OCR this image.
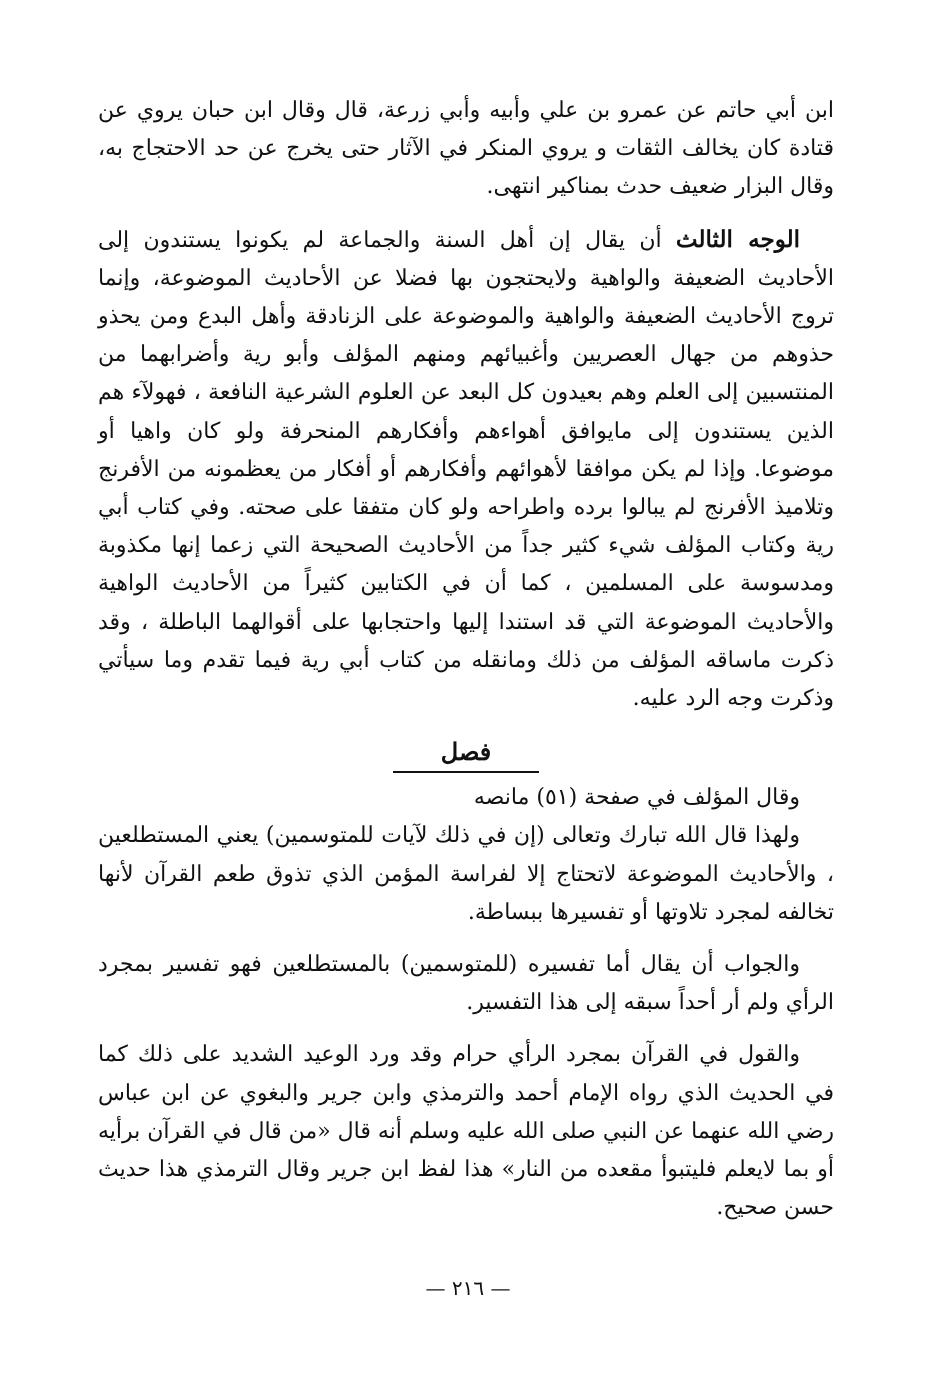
ابن أبي حاتم عن عمرو بن علي وأبيه وأبي زرعة، قال وقال ابن حبان يروي عن قتادة كان يخالف الثقات و يروي المنكر في الآثار حتى يخرج عن حد الاحتجاج به، وقال البزار ضعيف حدث بمناكير انتهى.

الوجه الثالث أن يقال إن أهل السنة والجماعة لم يكونوا يستندون إلى الأحاديث الضعيفة والواهية ولايحتجون بها فضلا عن الأحاديث الموضوعة، وإنما تروج الأحاديث الضعيفة والواهية والموضوعة على الزنادقة وأهل البدع ومن يحذو حذوهم من جهال العصريين وأغبيائهم ومنهم المؤلف وأبو رية وأضرابهما من المنتسبين إلى العلم وهم بعيدون كل البعد عن العلوم الشرعية النافعة ، فهولآء هم الذين يستندون إلى مايوافق أهواءهم وأفكارهم المنحرفة ولو كان واهيا أو موضوعا. وإذا لم يكن موافقا لأهوائهم وأفكارهم أو أفكار من يعظمونه من الأفرنج وتلاميذ الأفرنج لم يبالوا برده واطراحه ولو كان متفقا على صحته. وفي كتاب أبي رية وكتاب المؤلف شيء كثير جداً من الأحاديث الصحيحة التي زعما إنها مكذوبة ومدسوسة على المسلمين ، كما أن في الكتابين كثيراً من الأحاديث الواهية والأحاديث الموضوعة التي قد استندا إليها واحتجابها على أقوالهما الباطلة ، وقد ذكرت ماساقه المؤلف من ذلك ومانقله من كتاب أبي رية فيما تقدم وما سيأتي وذكرت وجه الرد عليه.

فصل

وقال المؤلف في صفحة (٥١) مانصه

ولهذا قال الله تبارك وتعالى (إن في ذلك لآيات للمتوسمين) يعني المستطلعين ، والأحاديث الموضوعة لاتحتاج إلا لفراسة المؤمن الذي تذوق طعم القرآن لأنها تخالفه لمجرد تلاوتها أو تفسيرها ببساطة.

والجواب أن يقال أما تفسيره (للمتوسمين) بالمستطلعين فهو تفسير بمجرد الرأي ولم أر أحداً سبقه إلى هذا التفسير.

والقول في القرآن بمجرد الرأي حرام وقد ورد الوعيد الشديد على ذلك كما في الحديث الذي رواه الإمام أحمد والترمذي وابن جرير والبغوي عن ابن عباس رضي الله عنهما عن النبي صلى الله عليه وسلم أنه قال «من قال في القرآن برأيه أو بما لايعلم فليتبوأ مقعده من النار» هذا لفظ ابن جرير وقال الترمذي هذا حديث حسن صحيح.

— ٢١٦ —
